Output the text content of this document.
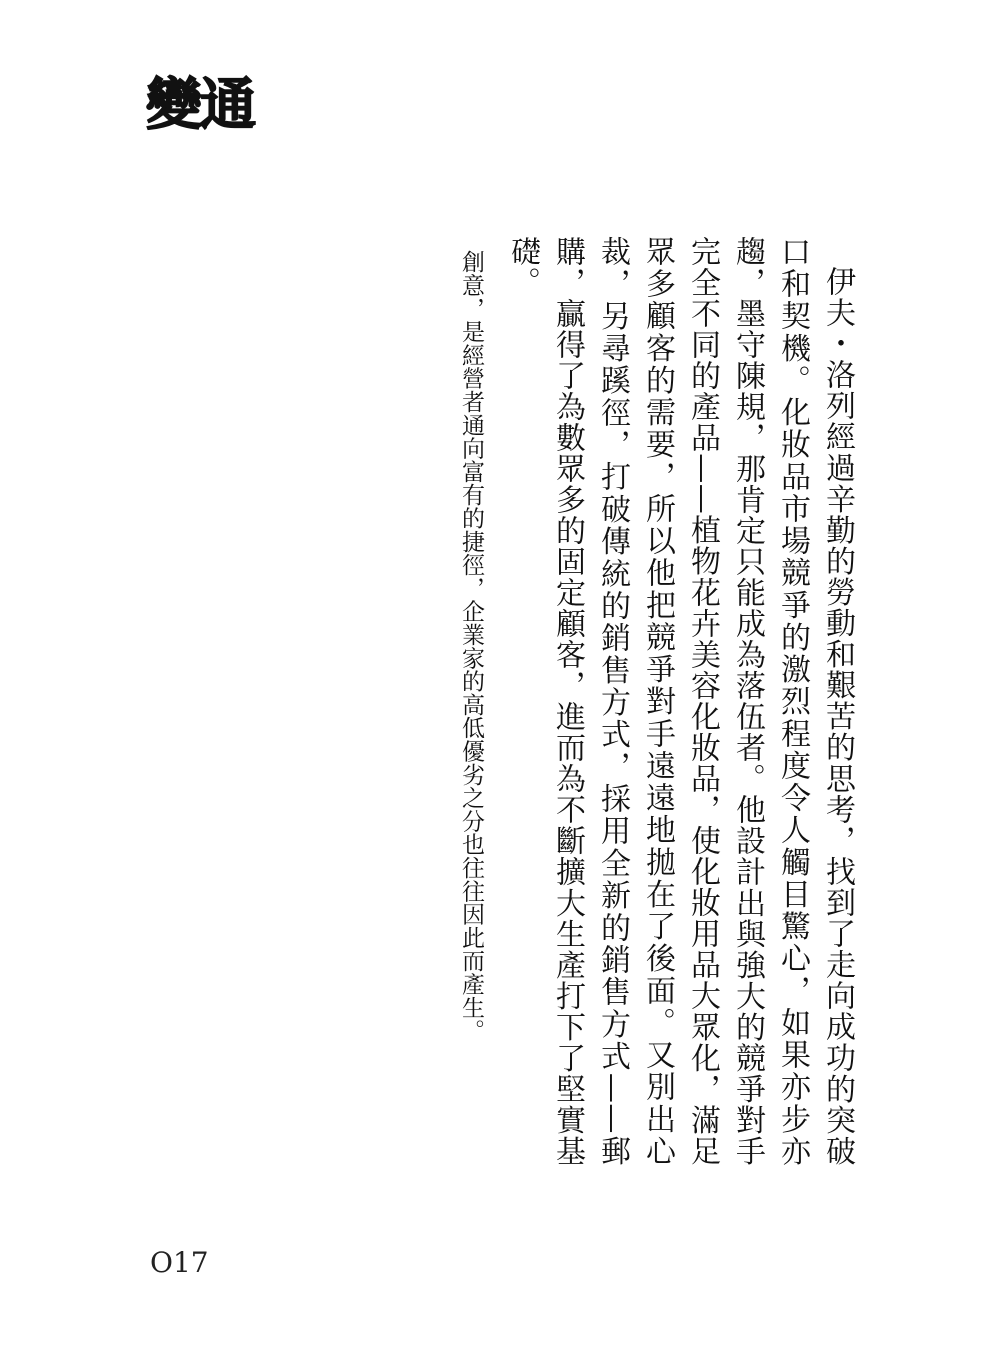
變通

伊夫・洛列經過辛勤的勞動和艱苦的思考，找到了走向成功的突破口和契機。化妝品市場競爭的激烈程度令人觸目驚心，如果亦步亦趨，墨守陳規，那肯定只能成為落伍者。他設計出與強大的競爭對手完全不同的產品——植物花卉美容化妝品，使化妝用品大眾化，滿足眾多顧客的需要，所以他把競爭對手遠遠地拋在了後面。又別出心裁，另尋蹊徑，打破傳統的銷售方式，採用全新的銷售方式——郵購，贏得了為數眾多的固定顧客，進而為不斷擴大生產打下了堅實基礎。

創意，是經營者通向富有的捷徑，企業家的高低優劣之分也往往因此而產生。
O17
